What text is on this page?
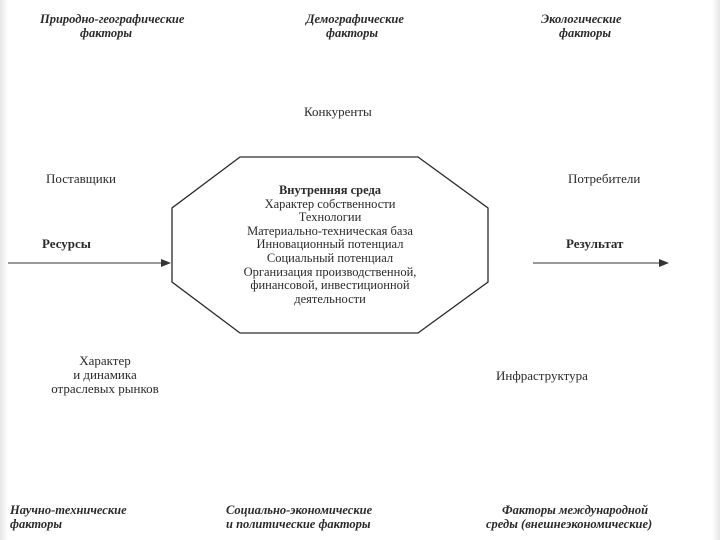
Природно-географические
факторы
Демографические
факторы
Экологические
факторы
Конкуренты
Поставщики	Потребители
Ресурсы	Результат
Внутренняя среда
Характер собственности
Технологии
Материально-техническая база
Инновационный потенциал
Социальный потенциал
Организация производственной,
финансовой, инвестиционной
деятельности
Характер
и динамика
отраслевых рынков
Инфраструктура
Научно-технические
факторы
Социально-экономические
и политические факторы
Факторы международной
среды (внешнеэкономические)
